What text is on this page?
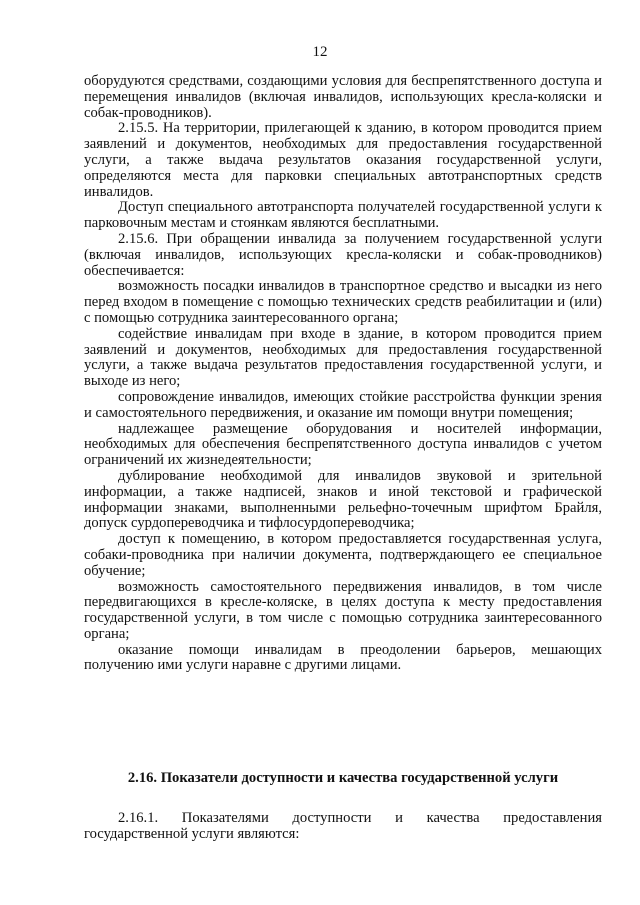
12

оборудуются средствами, создающими условия для беспрепятственного доступа и перемещения инвалидов (включая инвалидов, использующих кресла-коляски и собак-проводников).

2.15.5. На территории, прилегающей к зданию, в котором проводится прием заявлений и документов, необходимых для предоставления государственной услуги, а также выдача результатов оказания государственной услуги, определяются места для парковки специальных автотранспортных средств инвалидов.

Доступ специального автотранспорта получателей государственной услуги к парковочным местам и стоянкам являются бесплатными.

2.15.6. При обращении инвалида за получением государственной услуги (включая инвалидов, использующих кресла-коляски и собак-проводников) обеспечивается:

возможность посадки инвалидов в транспортное средство и высадки из него перед входом в помещение с помощью технических средств реабилитации и (или) с помощью сотрудника заинтересованного органа;

содействие инвалидам при входе в здание, в котором проводится прием заявлений и документов, необходимых для предоставления государственной услуги, а также выдача результатов предоставления государственной услуги, и выходе из него;

сопровождение инвалидов, имеющих стойкие расстройства функции зрения и самостоятельного передвижения, и оказание им помощи внутри помещения;

надлежащее размещение оборудования и носителей информации, необходимых для обеспечения беспрепятственного доступа инвалидов с учетом ограничений их жизнедеятельности;

дублирование необходимой для инвалидов звуковой и зрительной информации, а также надписей, знаков и иной текстовой и графической информации знаками, выполненными рельефно-точечным шрифтом Брайля, допуск сурдопереводчика и тифлосурдопереводчика;

доступ к помещению, в котором предоставляется государственная услуга, собаки-проводника при наличии документа, подтверждающего ее специальное обучение;

возможность самостоятельного передвижения инвалидов, в том числе передвигающихся в кресле-коляске, в целях доступа к месту предоставления государственной услуги, в том числе с помощью сотрудника заинтересованного органа;

оказание помощи инвалидам в преодолении барьеров, мешающих получению ими услуги наравне с другими лицами.

2.16. Показатели доступности и качества государственной услуги

2.16.1. Показателями доступности и качества предоставления государственной услуги являются:
